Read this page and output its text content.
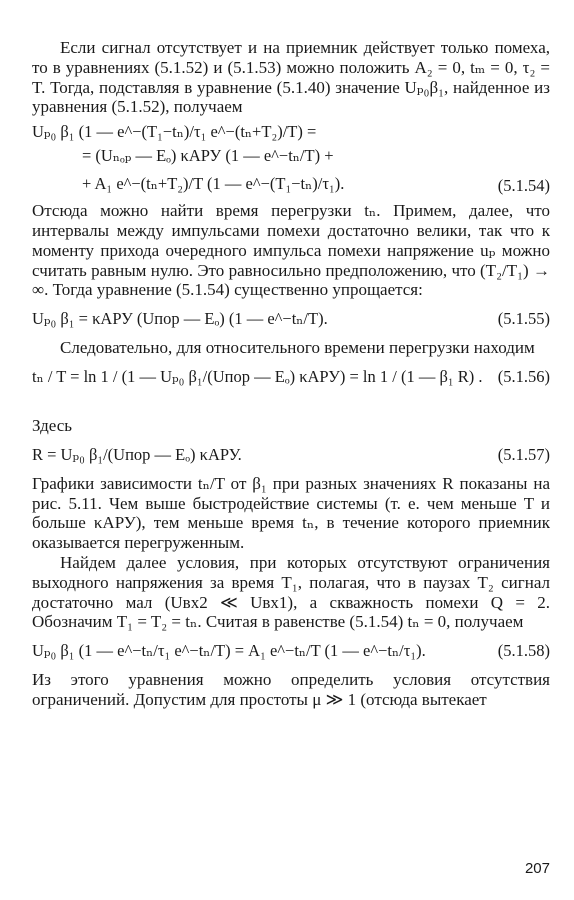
Если сигнал отсутствует и на приемник действует только помеха, то в уравнениях (5.1.52) и (5.1.53) можно положить A₂ = 0, tₘ = 0, τ₂ = T. Тогда, подставляя в уравнение (5.1.40) значение Uₚ₀β₁, найденное из уравнения (5.1.52), получаем

Uₚ₀ β₁ (1 — e^−(T₁−tₙ)/τ₁ e^−(tₙ+T₂)/T) =
= (Uₙₒₚ — Eₒ) κАРУ (1 — e^−tₙ/T) +
+ A₁ e^−(tₙ+T₂)/T (1 — e^−(T₁−tₙ)/τ₁).	(5.1.54)

Отсюда можно найти время перегрузки tₙ. Примем, далее, что интервалы между импульсами помехи достаточно велики, так что к моменту прихода очередного импульса помехи напряжение uₚ можно считать равным нулю. Это равносильно предположению, что (T₂/T₁) → ∞. Тогда уравнение (5.1.54) существенно упрощается:

Uₚ₀ β₁ = κАРУ (Uпор — Eₒ) (1 — e^−tₙ/T).	(5.1.55)

Следовательно, для относительного времени перегрузки находим

tₙ / T = ln 1 / (1 — Uₚ₀ β₁/(Uпор — Eₒ) κАРУ) = ln 1 / (1 — β₁ R) . (5.1.56)

Здесь

R = Uₚ₀ β₁/(Uпор — Eₒ) κАРУ.	(5.1.57)

Графики зависимости tₙ/T от β₁ при разных значениях R показаны на рис. 5.11. Чем выше быстродействие системы (т. е. чем меньше T и больше κАРУ), тем меньше время tₙ, в течение которого приемник оказывается перегруженным.

Найдем далее условия, при которых отсутствуют ограничения выходного напряжения за время T₁, полагая, что в паузах T₂ сигнал достаточно мал (Uвх2 ≪ Uвх1), а скважность помехи Q = 2. Обозначим T₁ = T₂ = tₙ. Считая в равенстве (5.1.54) tₙ = 0, получаем

Uₚ₀ β₁ (1 — e^−tₙ/τ₁ e^−tₙ/T) = A₁ e^−tₙ/T (1 — e^−tₙ/τ₁).	(5.1.58)

Из этого уравнения можно определить условия отсутствия ограничений. Допустим для простоты μ ≫ 1 (отсюда вытекает

207
